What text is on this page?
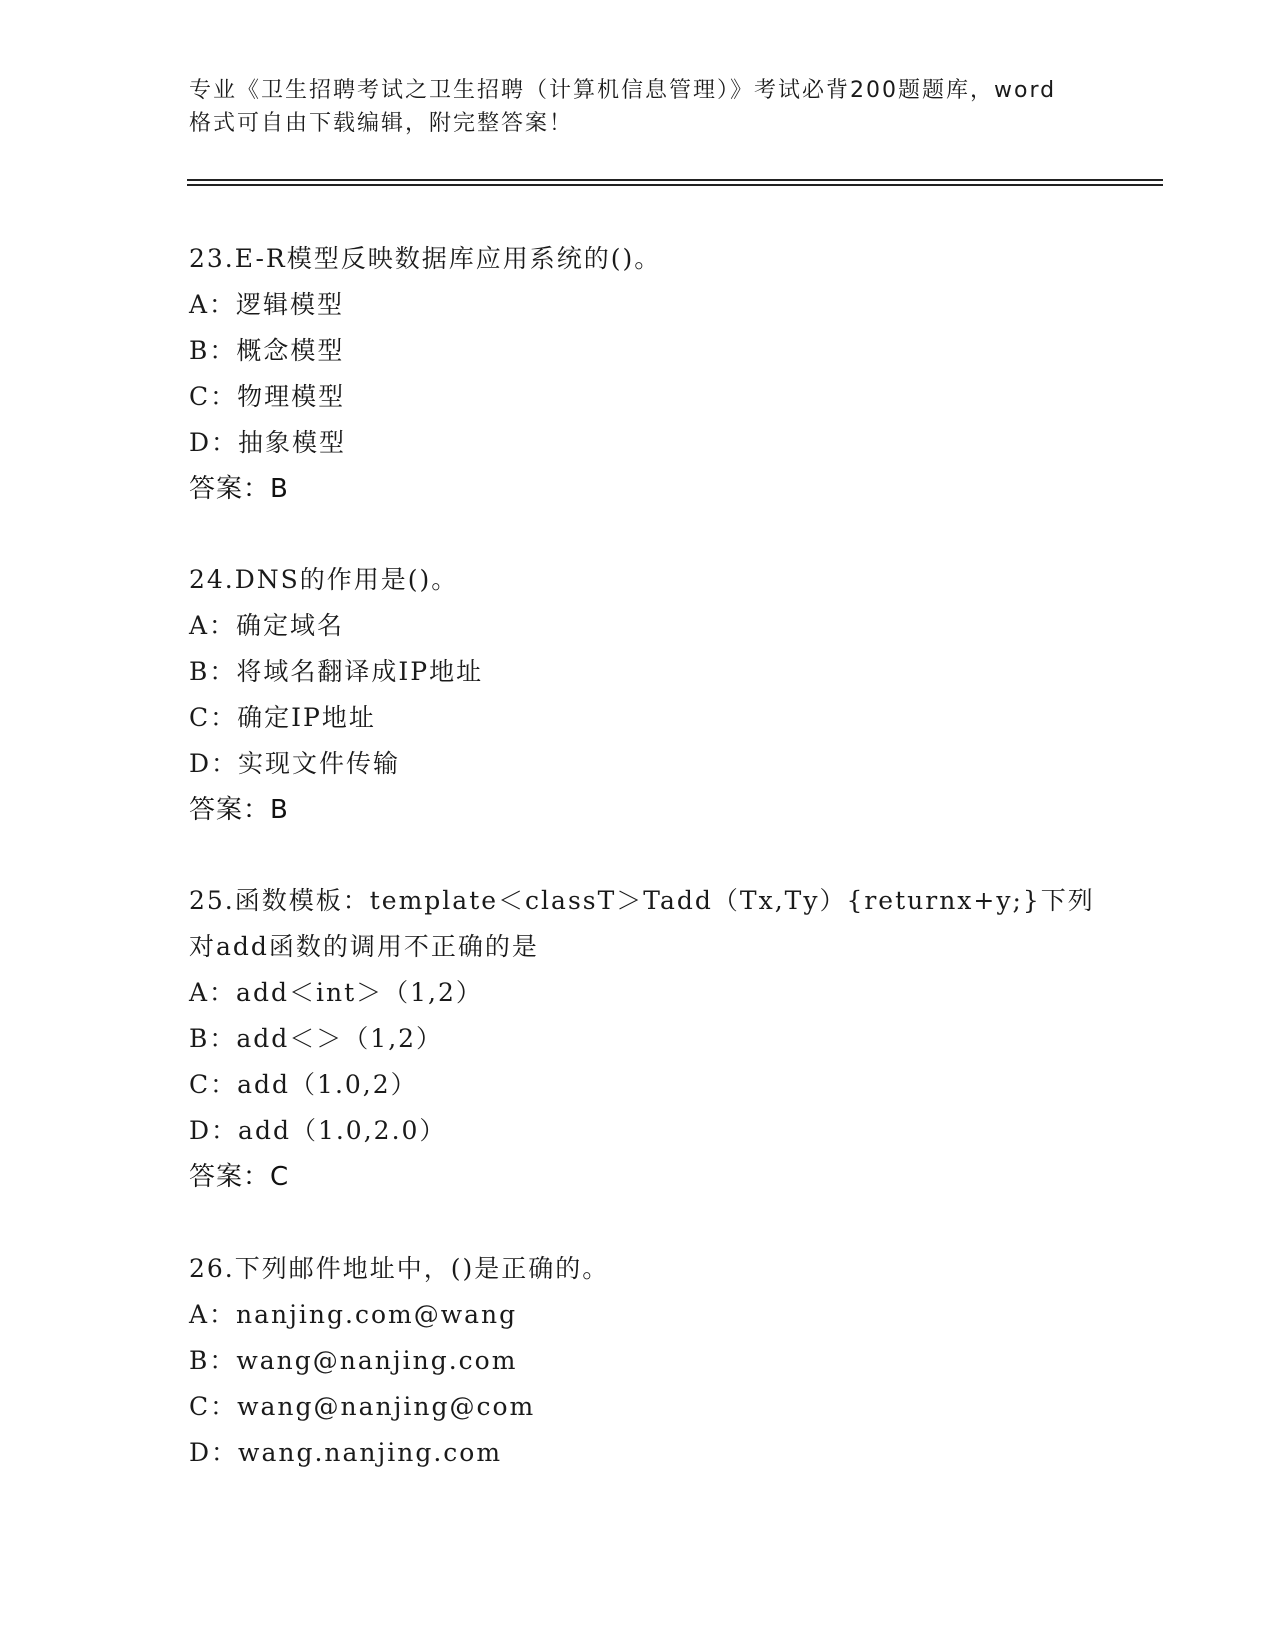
专业《卫生招聘考试之卫生招聘（计算机信息管理）》考试必背200题题库，word
格式可自由下载编辑，附完整答案！
23.E-R模型反映数据库应用系统的()。
A：逻辑模型
B：概念模型
C：物理模型
D：抽象模型
答案：B
24.DNS的作用是()。
A：确定域名
B：将域名翻译成IP地址
C：确定IP地址
D：实现文件传输
答案：B
25.函数模板：template＜classT＞Tadd（Tx,Ty）{returnx+y;}下列
对add函数的调用不正确的是
A：add＜int＞（1,2）
B：add＜＞（1,2）
C：add（1.0,2）
D：add（1.0,2.0）
答案：C
26.下列邮件地址中，()是正确的。
A：nanjing.com@wang
B：wang@nanjing.com
C：wang@nanjing@com
D：wang.nanjing.com
